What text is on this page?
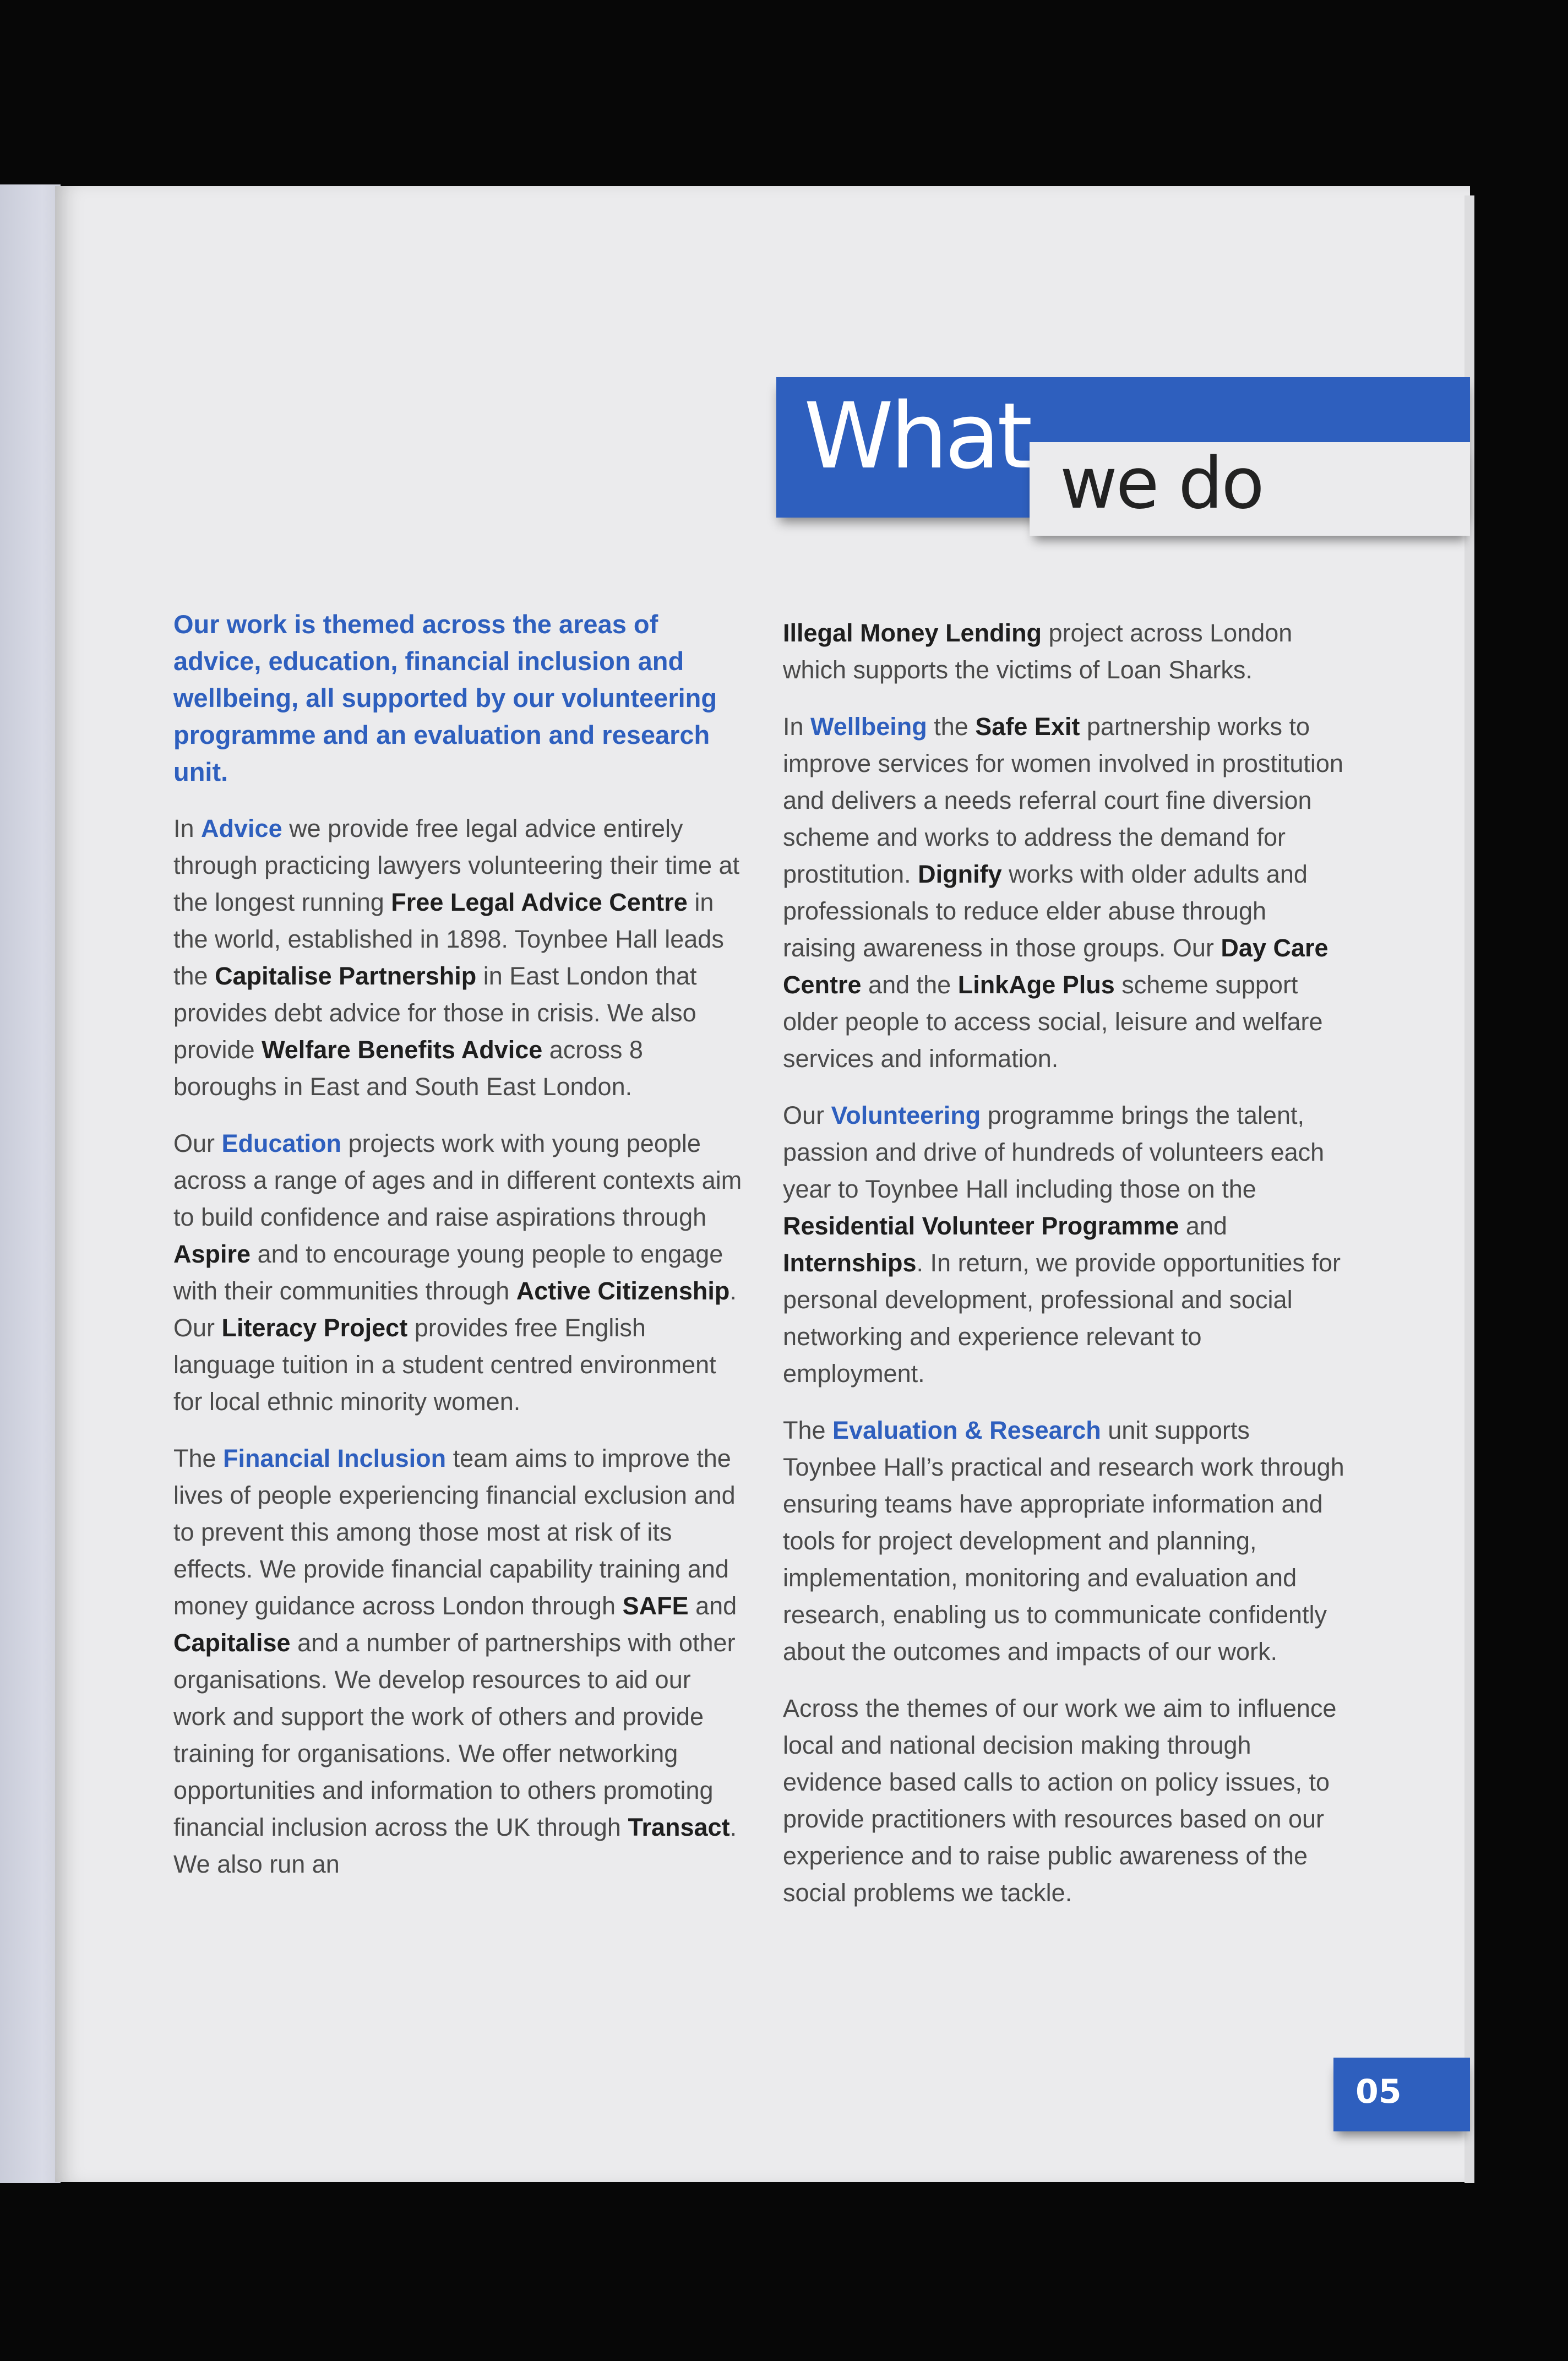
What we do

Our work is themed across the areas of advice, education, financial inclusion and wellbeing, all supported by our volunteering programme and an evaluation and research unit.

In Advice we provide free legal advice entirely through practicing lawyers volunteering their time at the longest running Free Legal Advice Centre in the world, established in 1898. Toynbee Hall leads the Capitalise Partnership in East London that provides debt advice for those in crisis. We also provide Welfare Benefits Advice across 8 boroughs in East and South East London.

Our Education projects work with young people across a range of ages and in different contexts aim to build confidence and raise aspirations through Aspire and to encourage young people to engage with their communities through Active Citizenship. Our Literacy Project provides free English language tuition in a student centred environment for local ethnic minority women.

The Financial Inclusion team aims to improve the lives of people experiencing financial exclusion and to prevent this among those most at risk of its effects. We provide financial capability training and money guidance across London through SAFE and Capitalise and a number of partnerships with other organisations. We develop resources to aid our work and support the work of others and provide training for organisations. We offer networking opportunities and information to others promoting financial inclusion across the UK through Transact. We also run an

Illegal Money Lending project across London which supports the victims of Loan Sharks.

In Wellbeing the Safe Exit partnership works to improve services for women involved in prostitution and delivers a needs referral court fine diversion scheme and works to address the demand for prostitution. Dignify works with older adults and professionals to reduce elder abuse through raising awareness in those groups. Our Day Care Centre and the LinkAge Plus scheme support older people to access social, leisure and welfare services and information.

Our Volunteering programme brings the talent, passion and drive of hundreds of volunteers each year to Toynbee Hall including those on the Residential Volunteer Programme and Internships. In return, we provide opportunities for personal development, professional and social networking and experience relevant to employment.

The Evaluation & Research unit supports Toynbee Hall’s practical and research work through ensuring teams have appropriate information and tools for project development and planning, implementation, monitoring and evaluation and research, enabling us to communicate confidently about the outcomes and impacts of our work.

Across the themes of our work we aim to influence local and national decision making through evidence based calls to action on policy issues, to provide practitioners with resources based on our experience and to raise public awareness of the social problems we tackle.

05
